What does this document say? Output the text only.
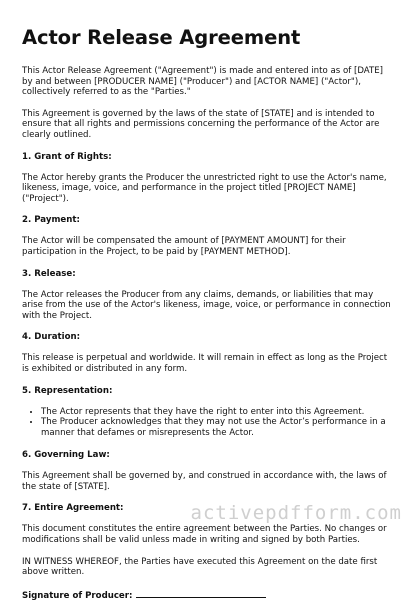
Actor Release Agreement

This Actor Release Agreement ("Agreement") is made and entered into as of [DATE] by and between [PRODUCER NAME] ("Producer") and [ACTOR NAME] ("Actor"), collectively referred to as the "Parties."

This Agreement is governed by the laws of the state of [STATE] and is intended to ensure that all rights and permissions concerning the performance of the Actor are clearly outlined.

1. Grant of Rights:

The Actor hereby grants the Producer the unrestricted right to use the Actor's name, likeness, image, voice, and performance in the project titled [PROJECT NAME] ("Project").

2. Payment:

The Actor will be compensated the amount of [PAYMENT AMOUNT] for their participation in the Project, to be paid by [PAYMENT METHOD].

3. Release:

The Actor releases the Producer from any claims, demands, or liabilities that may arise from the use of the Actor's likeness, image, voice, or performance in connection with the Project.

4. Duration:

This release is perpetual and worldwide. It will remain in effect as long as the Project is exhibited or distributed in any form.

5. Representation:
• The Actor represents that they have the right to enter into this Agreement.
• The Producer acknowledges that they may not use the Actor’s performance in a manner that defames or misrepresents the Actor.
6. Governing Law:

This Agreement shall be governed by, and construed in accordance with, the laws of the state of [STATE].

7. Entire Agreement:

This document constitutes the entire agreement between the Parties. No changes or modifications shall be valid unless made in writing and signed by both Parties.

IN WITNESS WHEREOF, the Parties have executed this Agreement on the date first above written.

Signature of Producer:
activepdfform.com
